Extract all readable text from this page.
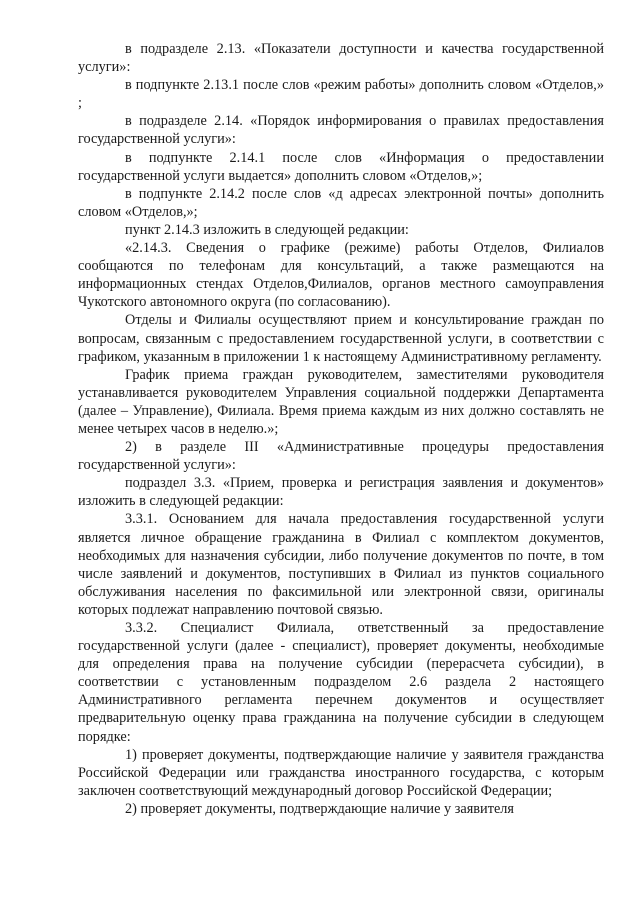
в подразделе 2.13. «Показатели доступности и качества государственной услуги»:

в подпункте 2.13.1 после слов «режим работы» дополнить словом «Отделов,» ;

в подразделе 2.14. «Порядок информирования о правилах предоставления государственной услуги»:

в подпункте 2.14.1 после слов «Информация о предоставлении государственной услуги выдается» дополнить словом «Отделов,»;

в подпункте 2.14.2 после слов «д адресах электронной почты» дополнить словом «Отделов,»;

пункт 2.14.3 изложить в следующей редакции:

«2.14.3. Сведения о графике (режиме) работы Отделов, Филиалов сообщаются по телефонам для консультаций, а также размещаются на информационных стендах Отделов,Филиалов, органов местного самоуправления Чукотского автономного округа (по согласованию).

Отделы и Филиалы осуществляют прием и консультирование граждан по вопросам, связанным с предоставлением государственной услуги, в соответствии с графиком, указанным в приложении 1 к настоящему Административному регламенту.

График приема граждан руководителем, заместителями руководителя устанавливается руководителем Управления социальной поддержки Департамента (далее – Управление), Филиала. Время приема каждым из них должно составлять не менее четырех часов в неделю.»;

2) в разделе III «Административные процедуры предоставления государственной услуги»:

подраздел 3.3. «Прием, проверка и регистрация заявления и документов» изложить в следующей редакции:

3.3.1. Основанием для начала предоставления государственной услуги является личное обращение гражданина в Филиал с комплектом документов, необходимых для назначения субсидии, либо получение документов по почте, в том числе заявлений и документов, поступивших в Филиал из пунктов социального обслуживания населения по факсимильной или электронной связи, оригиналы которых подлежат направлению почтовой связью.

3.3.2. Специалист Филиала, ответственный за предоставление государственной услуги (далее - специалист), проверяет документы, необходимые для определения права на получение субсидии (перерасчета субсидии), в соответствии с установленным подразделом 2.6 раздела 2 настоящего Административного регламента перечнем документов и осуществляет предварительную оценку права гражданина на получение субсидии в следующем порядке:

1) проверяет документы, подтверждающие наличие у заявителя гражданства Российской Федерации или гражданства иностранного государства, с которым заключен соответствующий международный договор Российской Федерации;

2) проверяет документы, подтверждающие наличие у заявителя
